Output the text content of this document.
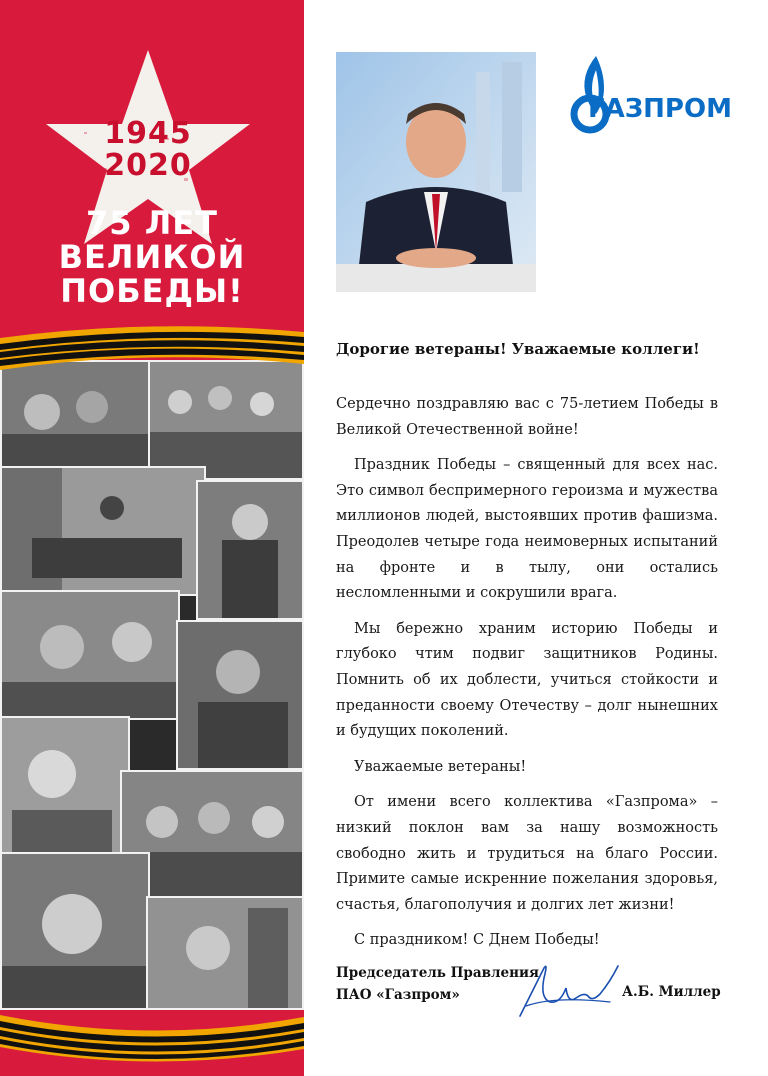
1945
2020
75 ЛЕТ
ВЕЛИКОЙ
ПОБЕДЫ!
ГАЗПРОМ
Дорогие ветераны! Уважаемые коллеги!

Сердечно поздравляю вас с 75-летием Победы в Великой Отечественной войне!

Праздник Победы – священный для всех нас. Это символ беспримерного героизма и мужества миллионов людей, выстоявших против фашизма. Преодолев четыре года неимоверных испытаний на фронте и в тылу, они остались несломленными и сокрушили врага.

Мы бережно храним историю Победы и глубоко чтим подвиг защитников Родины. Помнить об их доблести, учиться стойкости и преданности своему Отечеству – долг нынешних и будущих поколений.

Уважаемые ветераны!

От имени всего коллектива «Газпрома» – низкий поклон вам за нашу возможность свободно жить и трудиться на благо России. Примите самые искренние пожелания здоровья, счастья, благополучия и долгих лет жизни!

С праздником! С Днем Победы!

Председатель Правления
ПАО «Газпром»	А.Б. Миллер
